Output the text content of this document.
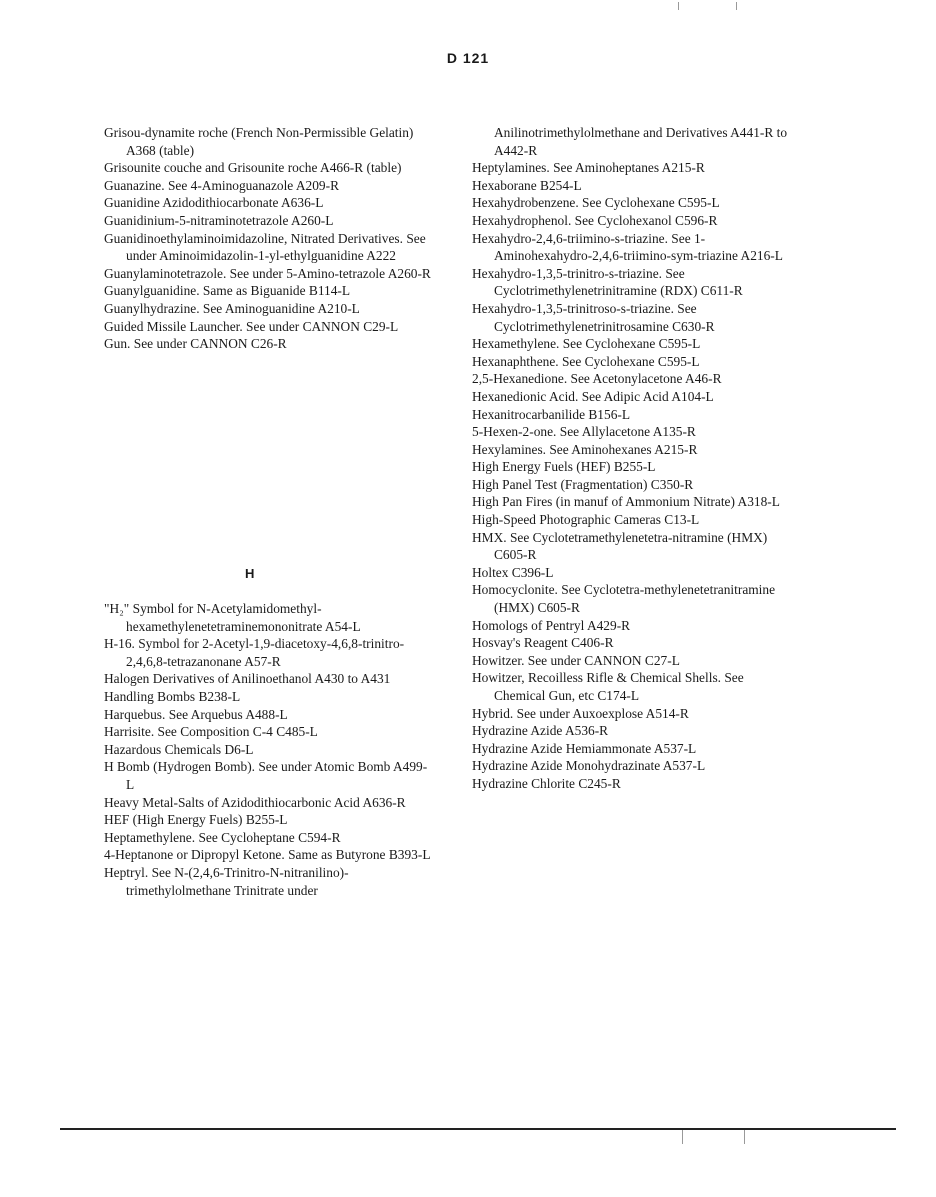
D 121

Grisou-dynamite roche (French Non-Permissible Gelatin) A368 (table)

Grisounite couche and Grisounite roche A466-R (table)

Guanazine. See 4-Aminoguanazole A209-R

Guanidine Azidodithiocarbonate A636-L

Guanidinium-5-nitraminotetrazole A260-L

Guanidinoethylaminoimidazoline, Nitrated Derivatives. See under Aminoimidazolin-1-yl-ethylguanidine A222

Guanylaminotetrazole. See under 5-Amino-tetrazole A260-R

Guanylguanidine. Same as Biguanide B114-L

Guanylhydrazine. See Aminoguanidine A210-L

Guided Missile Launcher. See under CANNON C29-L

Gun. See under CANNON C26-R

H

"H₂" Symbol for N-Acetylamidomethyl-hexamethylenetetraminemononitrate A54-L

H-16. Symbol for 2-Acetyl-1,9-diacetoxy-4,6,8-trinitro-2,4,6,8-tetrazanonane A57-R

Halogen Derivatives of Anilinoethanol A430 to A431

Handling Bombs B238-L

Harquebus. See Arquebus A488-L

Harrisite. See Composition C-4 C485-L

Hazardous Chemicals D6-L

H Bomb (Hydrogen Bomb). See under Atomic Bomb A499-L

Heavy Metal-Salts of Azidodithiocarbonic Acid A636-R

HEF (High Energy Fuels) B255-L

Heptamethylene. See Cycloheptane C594-R

4-Heptanone or Dipropyl Ketone. Same as Butyrone B393-L

Heptryl. See N-(2,4,6-Trinitro-N-nitranilino)-trimethylolmethane Trinitrate under

Anilinotrimethylolmethane and Derivatives A441-R to A442-R

Heptylamines. See Aminoheptanes A215-R

Hexaborane B254-L

Hexahydrobenzene. See Cyclohexane C595-L

Hexahydrophenol. See Cyclohexanol C596-R

Hexahydro-2,4,6-triimino-s-triazine. See 1-Aminohexahydro-2,4,6-triimino-sym-triazine A216-L

Hexahydro-1,3,5-trinitro-s-triazine. See Cyclotrimethylenetrinitramine (RDX) C611-R

Hexahydro-1,3,5-trinitroso-s-triazine. See Cyclotrimethylenetrinitrosamine C630-R

Hexamethylene. See Cyclohexane C595-L

Hexanaphthene. See Cyclohexane C595-L

2,5-Hexanedione. See Acetonylacetone A46-R

Hexanedionic Acid. See Adipic Acid A104-L

Hexanitrocarbanilide B156-L

5-Hexen-2-one. See Allylacetone A135-R

Hexylamines. See Aminohexanes A215-R

High Energy Fuels (HEF) B255-L

High Panel Test (Fragmentation) C350-R

High Pan Fires (in manuf of Ammonium Nitrate) A318-L

High-Speed Photographic Cameras C13-L

HMX. See Cyclotetramethylenetetra-nitramine (HMX) C605-R

Holtex C396-L

Homocyclonite. See Cyclotetra-methylenetetranitramine (HMX) C605-R

Homologs of Pentryl A429-R

Hosvay's Reagent C406-R

Howitzer. See under CANNON C27-L

Howitzer, Recoilless Rifle & Chemical Shells. See Chemical Gun, etc C174-L

Hybrid. See under Auxoexplose A514-R

Hydrazine Azide A536-R

Hydrazine Azide Hemiammonate A537-L

Hydrazine Azide Monohydrazinate A537-L

Hydrazine Chlorite C245-R
